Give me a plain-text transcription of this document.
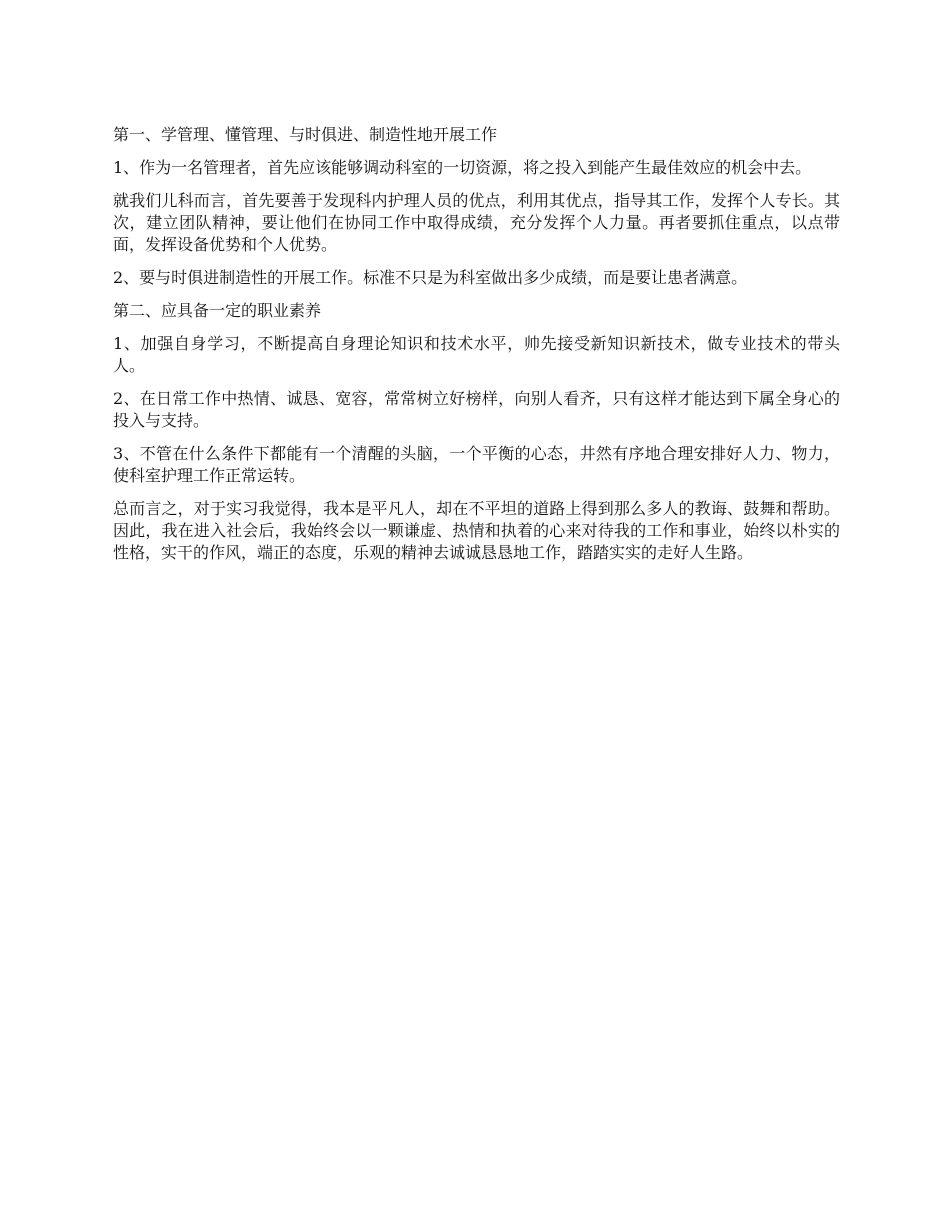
第一、学管理、懂管理、与时俱进、制造性地开展工作

1、作为一名管理者，首先应该能够调动科室的一切资源，将之投入到能产生最佳效应的机会中去。

就我们儿科而言，首先要善于发现科内护理人员的优点，利用其优点，指导其工作，发挥个人专长。其次，建立团队精神，要让他们在协同工作中取得成绩，充分发挥个人力量。再者要抓住重点，以点带面，发挥设备优势和个人优势。

2、要与时俱进制造性的开展工作。标准不只是为科室做出多少成绩，而是要让患者满意。

第二、应具备一定的职业素养

1、加强自身学习，不断提高自身理论知识和技术水平，帅先接受新知识新技术，做专业技术的带头人。

2、在日常工作中热情、诚恳、宽容，常常树立好榜样，向别人看齐，只有这样才能达到下属全身心的投入与支持。

3、不管在什么条件下都能有一个清醒的头脑，一个平衡的心态，井然有序地合理安排好人力、物力，使科室护理工作正常运转。

总而言之，对于实习我觉得，我本是平凡人，却在不平坦的道路上得到那么多人的教诲、鼓舞和帮助。因此，我在进入社会后，我始终会以一颗谦虚、热情和执着的心来对待我的工作和事业，始终以朴实的性格，实干的作风，端正的态度，乐观的精神去诚诚恳恳地工作，踏踏实实的走好人生路。
